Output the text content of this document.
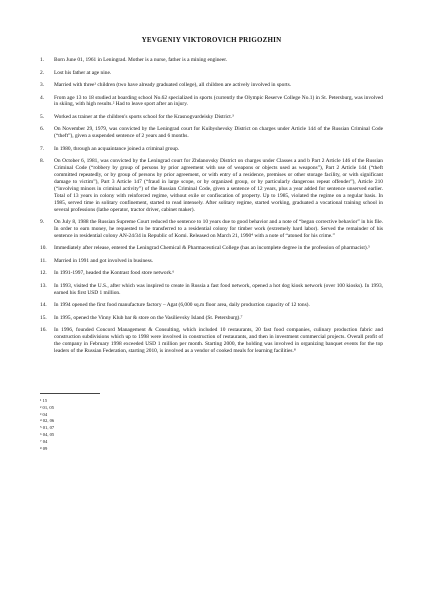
YEVGENIY VIKTOROVICH PRIGOZHIN
1.	Born June 01, 1961 in Leningrad. Mother is a nurse, father is a mining engineer.
2.	Lost his father at age nine.
3.	Married with three¹ children (two have already graduated college), all children are actively involved in sports.
4.	From age 13 to 18 studied at boarding school No.62 specialized in sports (currently the Olympic Reserve College No.1) in St. Petersburg, was involved in skiing, with high results.² Had to leave sport after an injury.
5.	Worked as trainer at the children's sports school for the Krasnogvardeisky District.³
6.	On November 29, 1979, was convicted by the Leningrad court for Kuibyshevsky District on charges under Article 144 of the Russian Criminal Code (“theft”), given a suspended sentence of 2 years and 6 months.
7.	In 1980, through an acquaintance joined a criminal group.
8.	On October 6, 1981, was convicted by the Leningrad court for Zhdanovsky District on charges under Classes a and b Part 2 Article 146 of the Russian Criminal Code (“robbery by group of persons by prior agreement with use of weapons or objects used as weapons”), Part 2 Article 144 (“theft committed repeatedly, or by group of persons by prior agreement, or with entry of a residence, premises or other storage facility, or with significant damage to victim”), Part 3 Article 147 (“fraud in large scope, or by organized group, or by particularly dangerous repeat offender”), Article 210 (“involving minors in criminal activity”) of the Russian Criminal Code, given a sentence of 12 years, plus a year added for sentence unserved earlier. Total of 13 years in colony with reinforced regime, without exile or confiscation of property. Up to 1985, violated the regime on a regular basis. In 1985, served time in solitary confinement, started to read intensely. After solitary regime, started working, graduated a vocational training school in several professions (lathe operator, tractor driver, cabinet maker).
9.	On July 8, 1988 the Russian Supreme Court reduced the sentence to 10 years due to good behavior and a note of “began corrective behavior” in his file. In order to earn money, he requested to be transferred to a residential colony for timber work (extremely hard labor). Served the remainder of his sentence in residential colony AN-24/34 in Republic of Komi. Released on March 21, 1990⁴ with a note of “atoned for his crime.”
10.	Immediately after release, entered the Leningrad Chemical & Pharmaceutical College (has an incomplete degree in the profession of pharmacist).⁵
11.	Married in 1991 and got involved in business.
12.	In 1991-1997, headed the Kontrast food store network.⁶
13.	In 1993, visited the U.S., after which was inspired to create in Russia a fast food network, opened a hot dog kiosk network (over 100 kiosks). In 1993, earned his first USD 1 million.
14.	In 1994 opened the first food manufacture factory – Agat (6,000 sq.m floor area, daily production capacity of 12 tons).
15.	In 1995, opened the Vinny Klub bar & store on the Vasilievsky Island (St. Petersburg).⁷
16.	In 1996, founded Concord Management & Consulting, which included 10 restaurants, 20 fast food companies, culinary production fabric and construction subdivisions which up to 1998 were involved in construction of restaurants, and then in investment commercial projects. Overall profit of the company in February 1998 exceeded USD 1 million per month. Starting 2000, the holding was involved in organizing banquet events for the top leaders of the Russian Federation, starting 2010, is involved as a vendor of cooked meals for learning facilities.⁸
¹ 15
² 01, 05
³ 04
⁴ 02, 06
⁵ 01, 07
⁶ 04, 05
⁷ 04
⁸ 09
